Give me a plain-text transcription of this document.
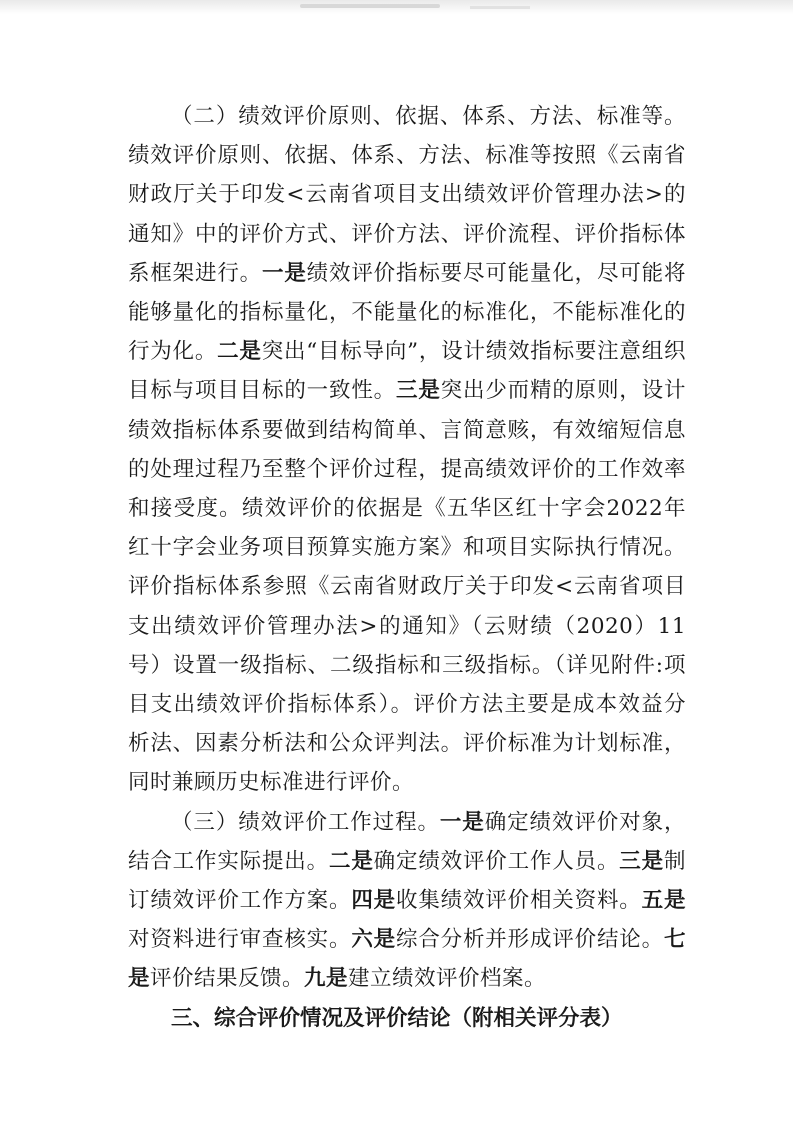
（二）绩效评价原则、依据、体系、方法、标准等。绩效评价原则、依据、体系、方法、标准等按照《云南省财政厅关于印发<云南省项目支出绩效评价管理办法>的通知》中的评价方式、评价方法、评价流程、评价指标体系框架进行。一是绩效评价指标要尽可能量化，尽可能将能够量化的指标量化，不能量化的标准化，不能标准化的行为化。二是突出“目标导向”，设计绩效指标要注意组织目标与项目目标的一致性。三是突出少而精的原则，设计绩效指标体系要做到结构简单、言简意赅，有效缩短信息的处理过程乃至整个评价过程，提高绩效评价的工作效率和接受度。绩效评价的依据是《五华区红十字会2022年红十字会业务项目预算实施方案》和项目实际执行情况。评价指标体系参照《云南省财政厅关于印发<云南省项目支出绩效评价管理办法>的通知》（云财绩（2020）11号）设置一级指标、二级指标和三级指标。（详见附件:项目支出绩效评价指标体系）。评价方法主要是成本效益分析法、因素分析法和公众评判法。评价标准为计划标准，同时兼顾历史标准进行评价。

（三）绩效评价工作过程。一是确定绩效评价对象，结合工作实际提出。二是确定绩效评价工作人员。三是制订绩效评价工作方案。四是收集绩效评价相关资料。五是对资料进行审查核实。六是综合分析并形成评价结论。七是评价结果反馈。九是建立绩效评价档案。

三、综合评价情况及评价结论（附相关评分表）
